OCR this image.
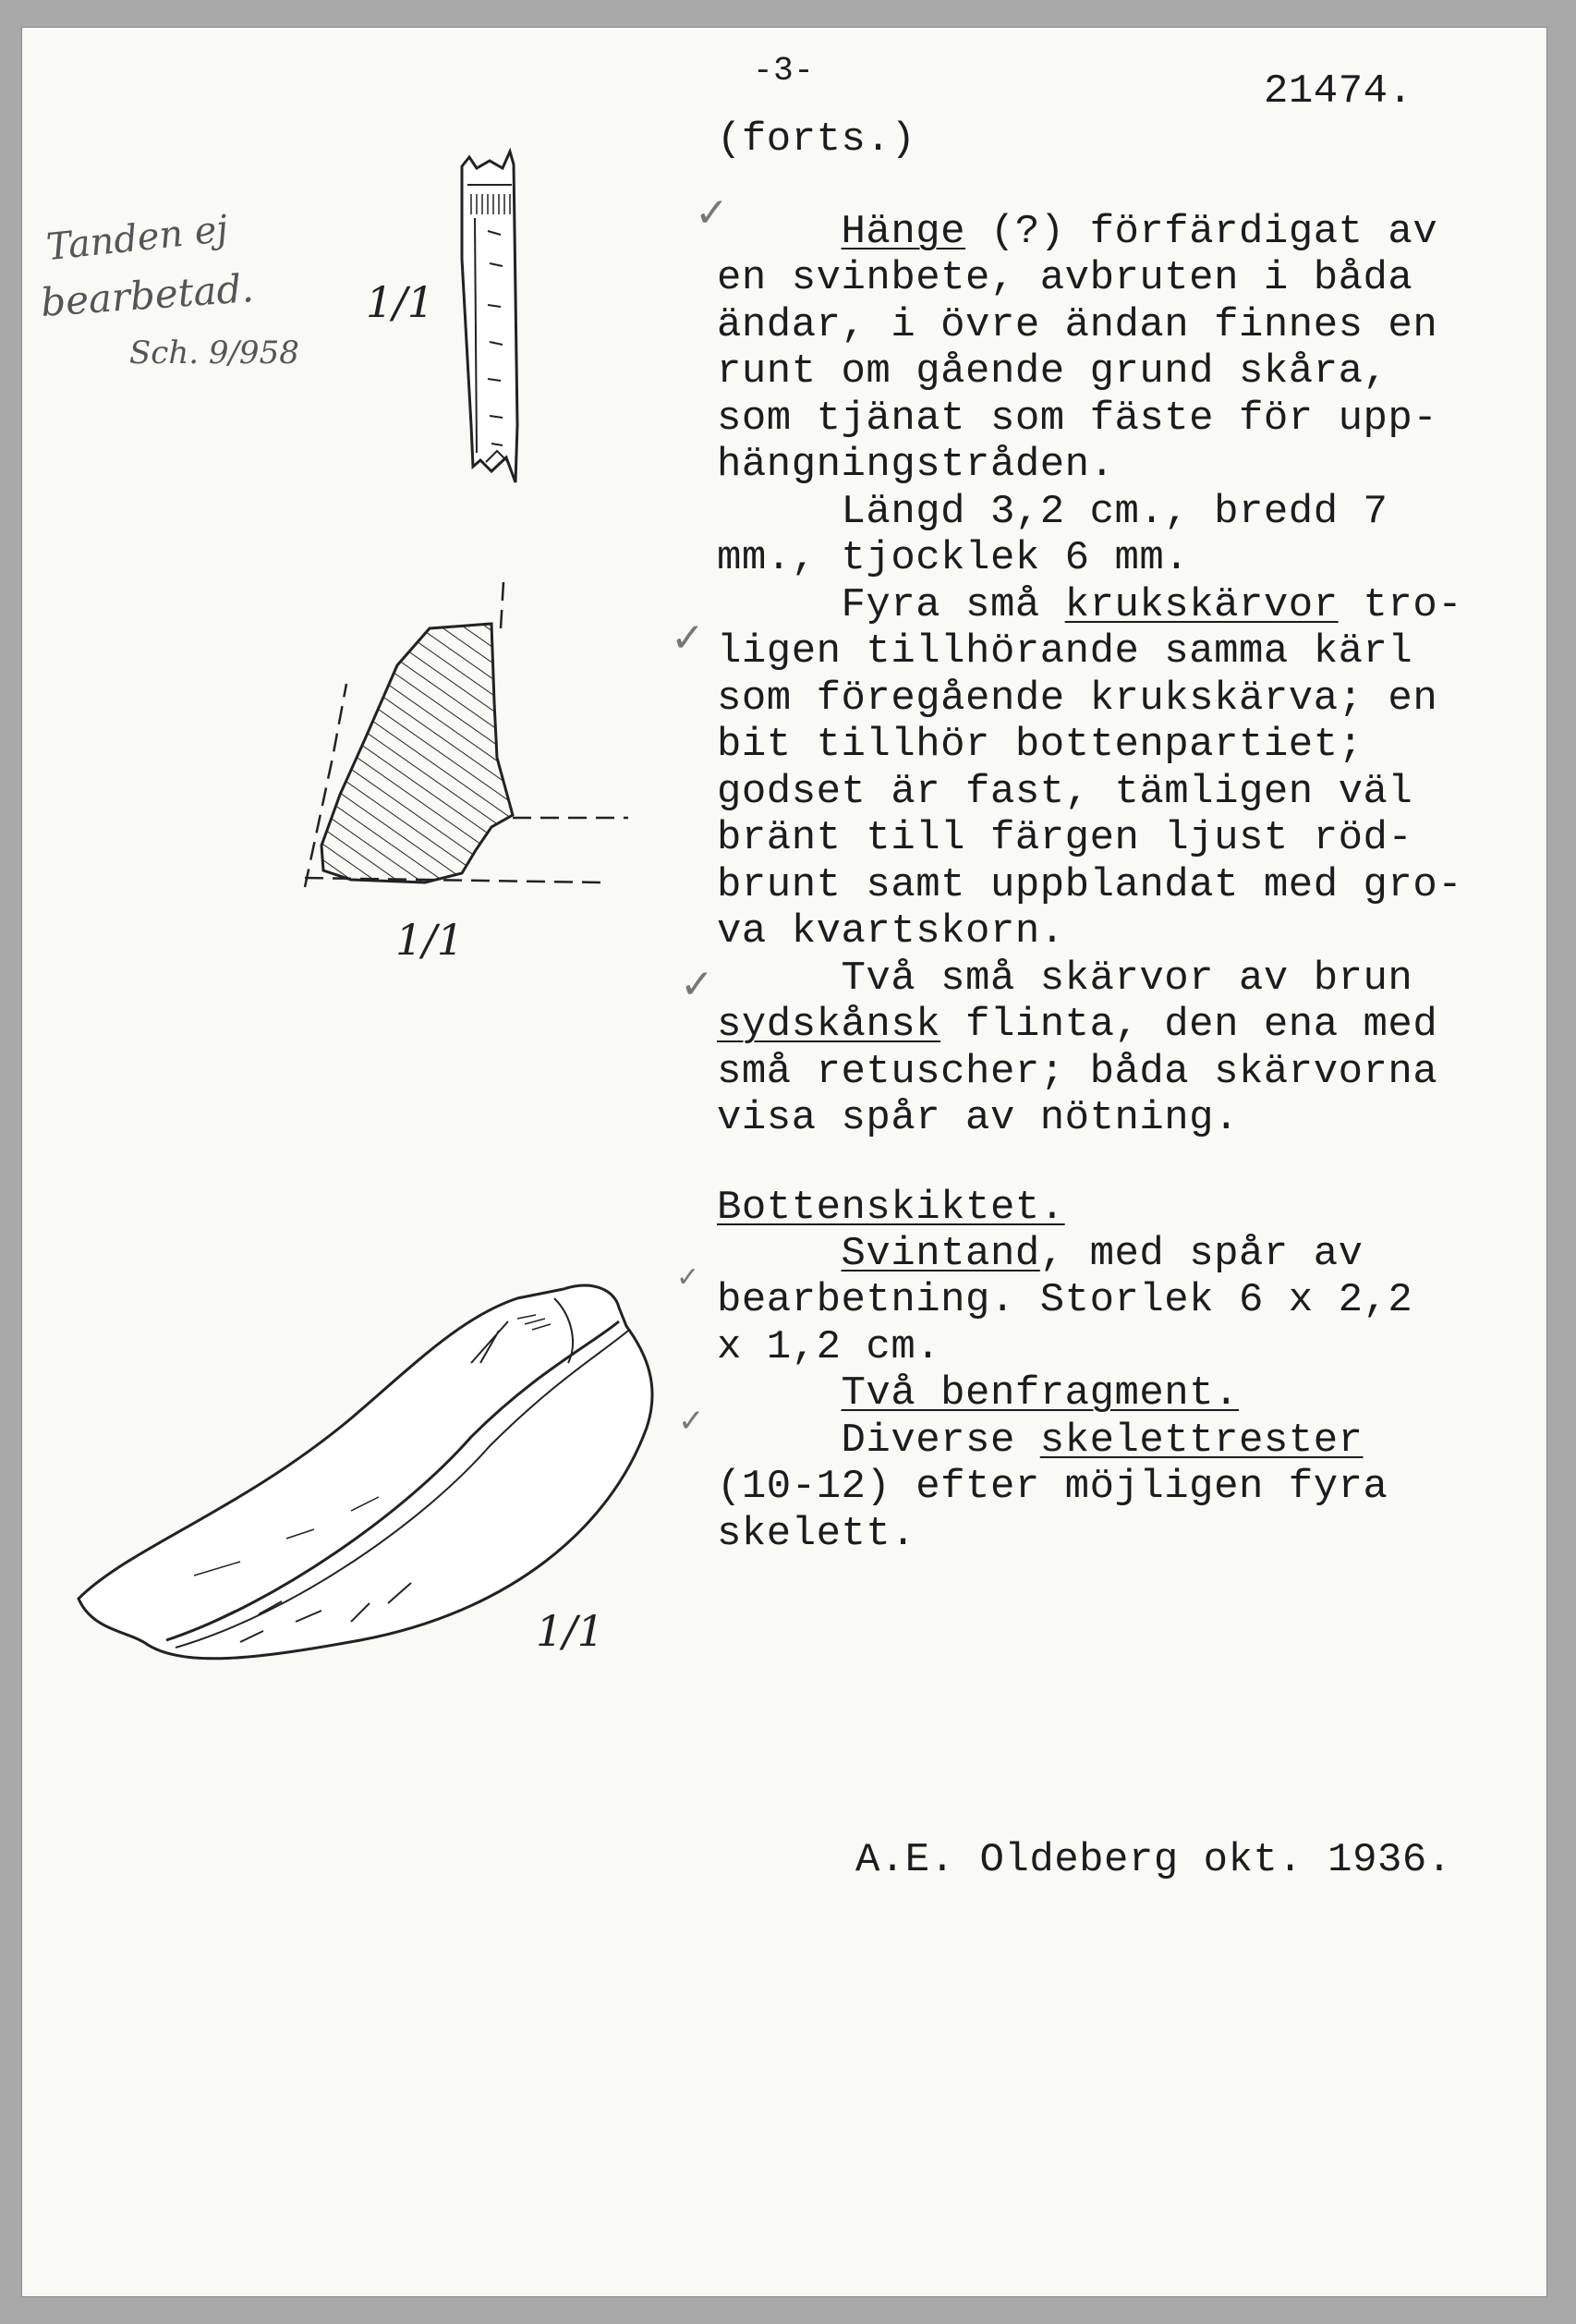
-3-	21474.
(forts.)
Tanden ej
bearbetad.
Sch. 9/958
1/1
1/1
1/1
✓
✓
✓
✓
✓
Hänge (?) förfärdigat av
en svinbete, avbruten i båda
ändar, i övre ändan finnes en
runt om gående grund skåra,
som tjänat som fäste för upp-
hängningstråden.
Längd 3,2 cm., bredd 7
mm., tjocklek 6 mm.
Fyra små krukskärvor tro-
ligen tillhörande samma kärl
som föregående krukskärva; en
bit tillhör bottenpartiet;
godset är fast, tämligen väl
bränt till färgen ljust röd-
brunt samt uppblandat med gro-
va kvartskorn.
Två små skärvor av brun
sydskånsk flinta, den ena med
små retuscher; båda skärvorna
visa spår av nötning.
Bottenskiktet.
Svintand, med spår av
bearbetning. Storlek 6 x 2,2
x 1,2 cm.
Två benfragment.
Diverse skelettrester
(10-12) efter möjligen fyra
skelett.
A.E. Oldeberg okt. 1936.
